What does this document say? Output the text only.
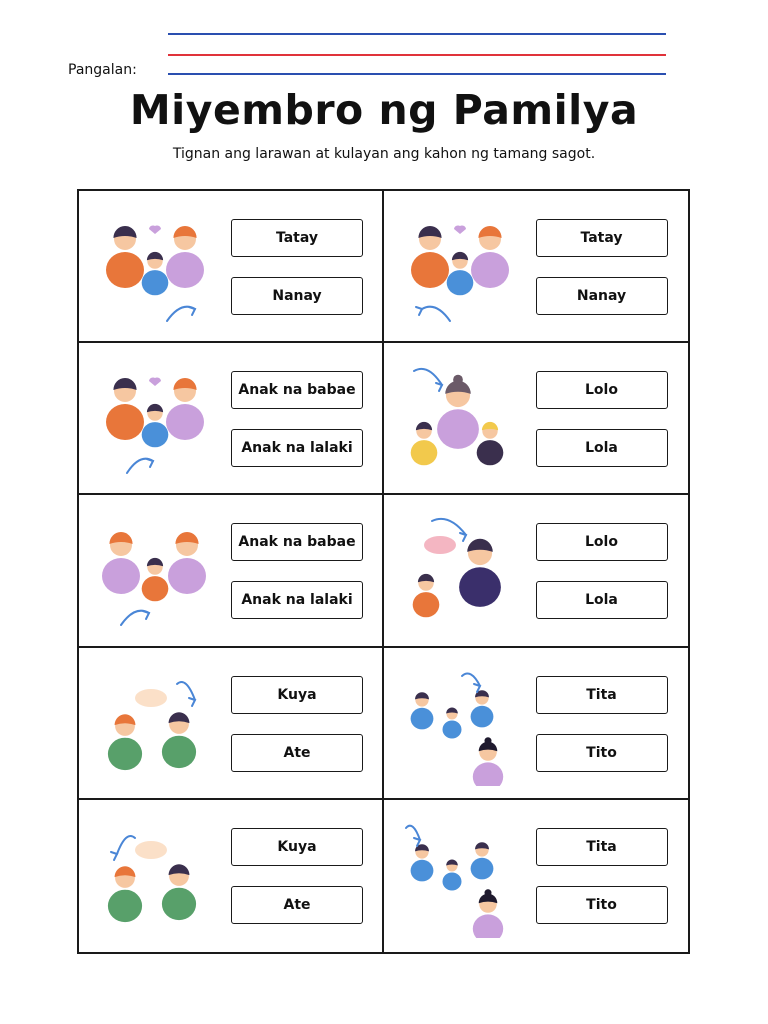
Pangalan:
Miyembro ng Pamilya
Tignan ang larawan at kulayan ang kahon ng tamang sagot.
Tatay
Nanay
Tatay
Nanay
Anak na babae
Anak na lalaki
Lolo
Lola
Anak na babae
Anak na lalaki
Lolo
Lola
Kuya
Ate
Tita
Tito
Kuya
Ate
Tita
Tito
